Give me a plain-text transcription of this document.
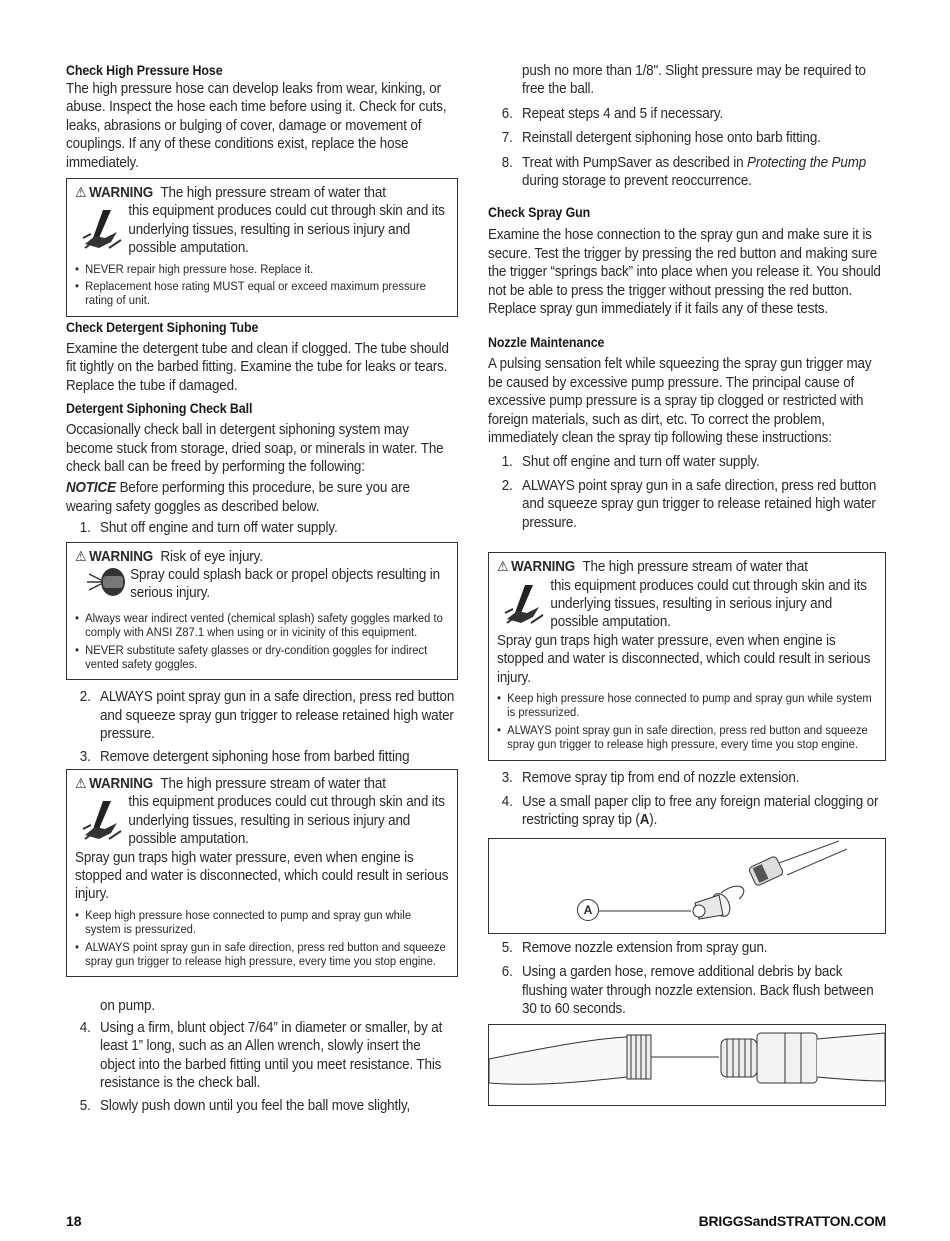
Check High Pressure Hose
The high pressure hose can develop leaks from wear, kinking, or abuse. Inspect the hose each time before using it. Check for cuts, leaks, abrasions or bulging of cover, damage or movement of couplings. If any of these conditions exist, replace the hose immediately.
⚠ WARNING The high pressure stream of water that
this equipment produces could cut through skin and its underlying tissues, resulting in serious injury and possible amputation.
• NEVER repair high pressure hose. Replace it.
• Replacement hose rating MUST equal or exceed maximum pressure rating of unit.
Check Detergent Siphoning Tube
Examine the detergent tube and clean if clogged. The tube should fit tightly on the barbed fitting. Examine the tube for leaks or tears. Replace the tube if damaged.
Detergent Siphoning Check Ball
Occasionally check ball in detergent siphoning system may become stuck from storage, dried soap, or minerals in water. The check ball can be freed by performing the following:
NOTICE Before performing this procedure, be sure you are wearing safety goggles as described below.
1. Shut off engine and turn off water supply.
⚠ WARNING Risk of eye injury.
Spray could splash back or propel objects resulting in serious injury.
• Always wear indirect vented (chemical splash) safety goggles marked to comply with ANSI Z87.1 when using or in vicinity of this equipment.
• NEVER substitute safety glasses or dry-condition goggles for indirect vented safety goggles.
2. ALWAYS point spray gun in a safe direction, press red button and squeeze spray gun trigger to release retained high water pressure.
3. Remove detergent siphoning hose from barbed fitting
⚠ WARNING The high pressure stream of water that
this equipment produces could cut through skin and its underlying tissues, resulting in serious injury and possible amputation.
Spray gun traps high water pressure, even when engine is stopped and water is disconnected, which could result in serious injury.
• Keep high pressure hose connected to pump and spray gun while system is pressurized.
• ALWAYS point spray gun in safe direction, press red button and squeeze spray gun trigger to release high pressure, every time you stop engine.
on pump.
4. Using a firm, blunt object 7/64” in diameter or smaller, by at least 1” long, such as an Allen wrench, slowly insert the object into the barbed fitting until you meet resistance. This resistance is the check ball.
5. Slowly push down until you feel the ball move slightly,
push no more than 1/8". Slight pressure may be required to free the ball.
6. Repeat steps 4 and 5 if necessary.
7. Reinstall detergent siphoning hose onto barb fitting.
8. Treat with PumpSaver as described in Protecting the Pump during storage to prevent reoccurrence.
Check Spray Gun
Examine the hose connection to the spray gun and make sure it is secure. Test the trigger by pressing the red button and making sure the trigger “springs back” into place when you release it. You should not be able to press the trigger without pressing the red button. Replace spray gun immediately if it fails any of these tests.
Nozzle Maintenance
A pulsing sensation felt while squeezing the spray gun trigger may be caused by excessive pump pressure. The principal cause of excessive pump pressure is a spray tip clogged or restricted with foreign materials, such as dirt, etc. To correct the problem, immediately clean the spray tip following these instructions:
1. Shut off engine and turn off water supply.
2. ALWAYS point spray gun in a safe direction, press red button and squeeze spray gun trigger to release retained high water pressure.
⚠ WARNING The high pressure stream of water that
this equipment produces could cut through skin and its underlying tissues, resulting in serious injury and possible amputation.
Spray gun traps high water pressure, even when engine is stopped and water is disconnected, which could result in serious injury.
• Keep high pressure hose connected to pump and spray gun while system is pressurized.
• ALWAYS point spray gun in safe direction, press red button and squeeze spray gun trigger to release high pressure, every time you stop engine.
3. Remove spray tip from end of nozzle extension.
4. Use a small paper clip to free any foreign material clogging or restricting spray tip (A).
A
5. Remove nozzle extension from spray gun.
6. Using a garden hose, remove additional debris by back flushing water through nozzle extension. Back flush between 30 to 60 seconds.
18	BRIGGSandSTRATTON.COM
